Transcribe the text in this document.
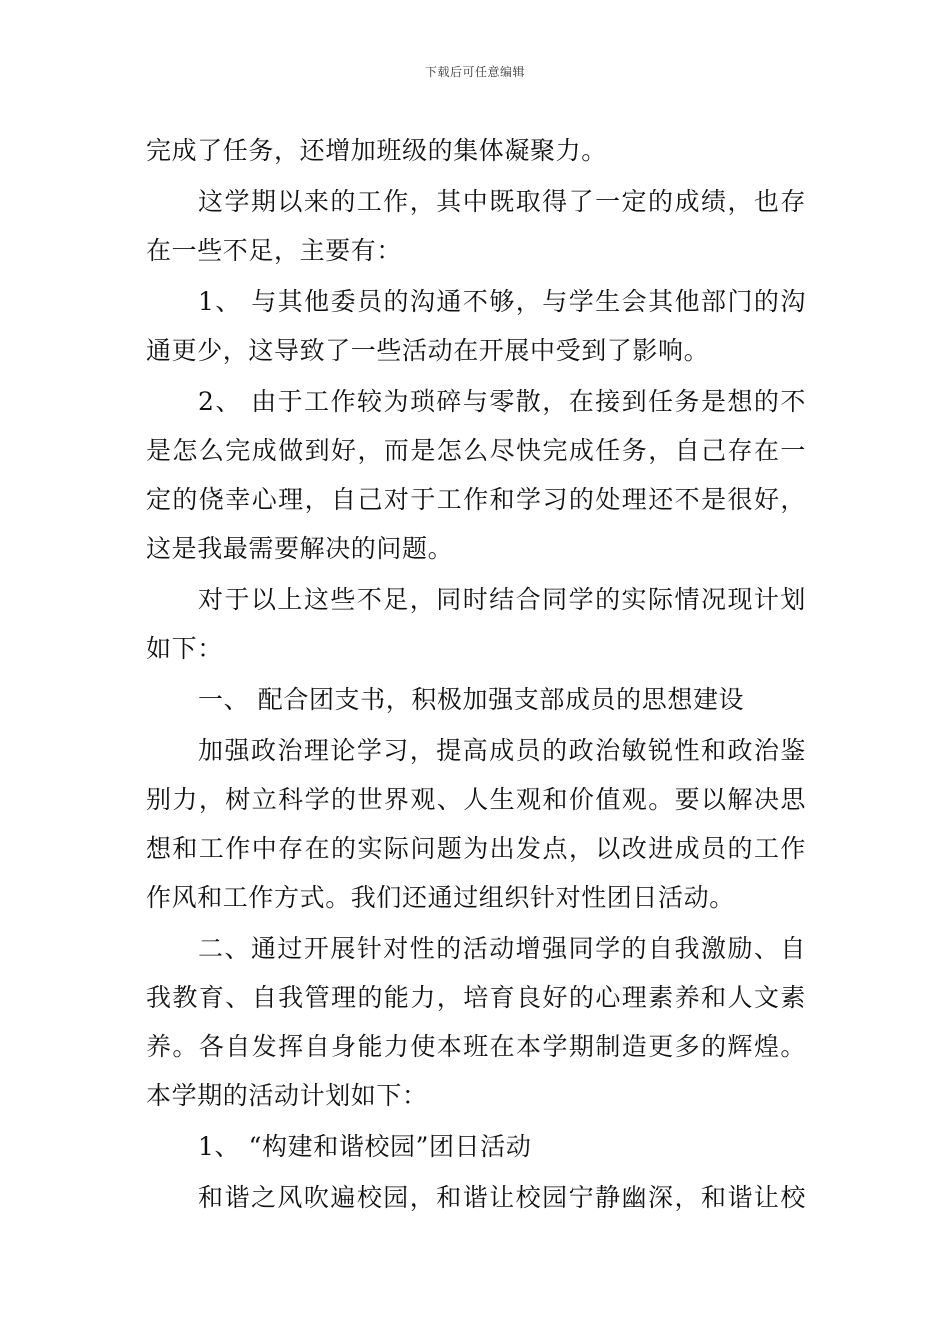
下载后可任意编辑
完成了任务，还增加班级的集体凝聚力。
这学期以来的工作，其中既取得了一定的成绩，也存
在一些不足，主要有：
1、 与其他委员的沟通不够，与学生会其他部门的沟
通更少，这导致了一些活动在开展中受到了影响。
2、 由于工作较为琐碎与零散，在接到任务是想的不
是怎么完成做到好，而是怎么尽快完成任务，自己存在一
定的侥幸心理，自己对于工作和学习的处理还不是很好，
这是我最需要解决的问题。
对于以上这些不足，同时结合同学的实际情况现计划
如下：
一、 配合团支书，积极加强支部成员的思想建设
加强政治理论学习，提高成员的政治敏锐性和政治鉴
别力，树立科学的世界观、人生观和价值观。要以解决思
想和工作中存在的实际问题为出发点，以改进成员的工作
作风和工作方式。我们还通过组织针对性团日活动。
二、通过开展针对性的活动增强同学的自我激励、自
我教育、自我管理的能力，培育良好的心理素养和人文素
养。各自发挥自身能力使本班在本学期制造更多的辉煌。
本学期的活动计划如下：
1、 “构建和谐校园”团日活动
和谐之风吹遍校园，和谐让校园宁静幽深，和谐让校
